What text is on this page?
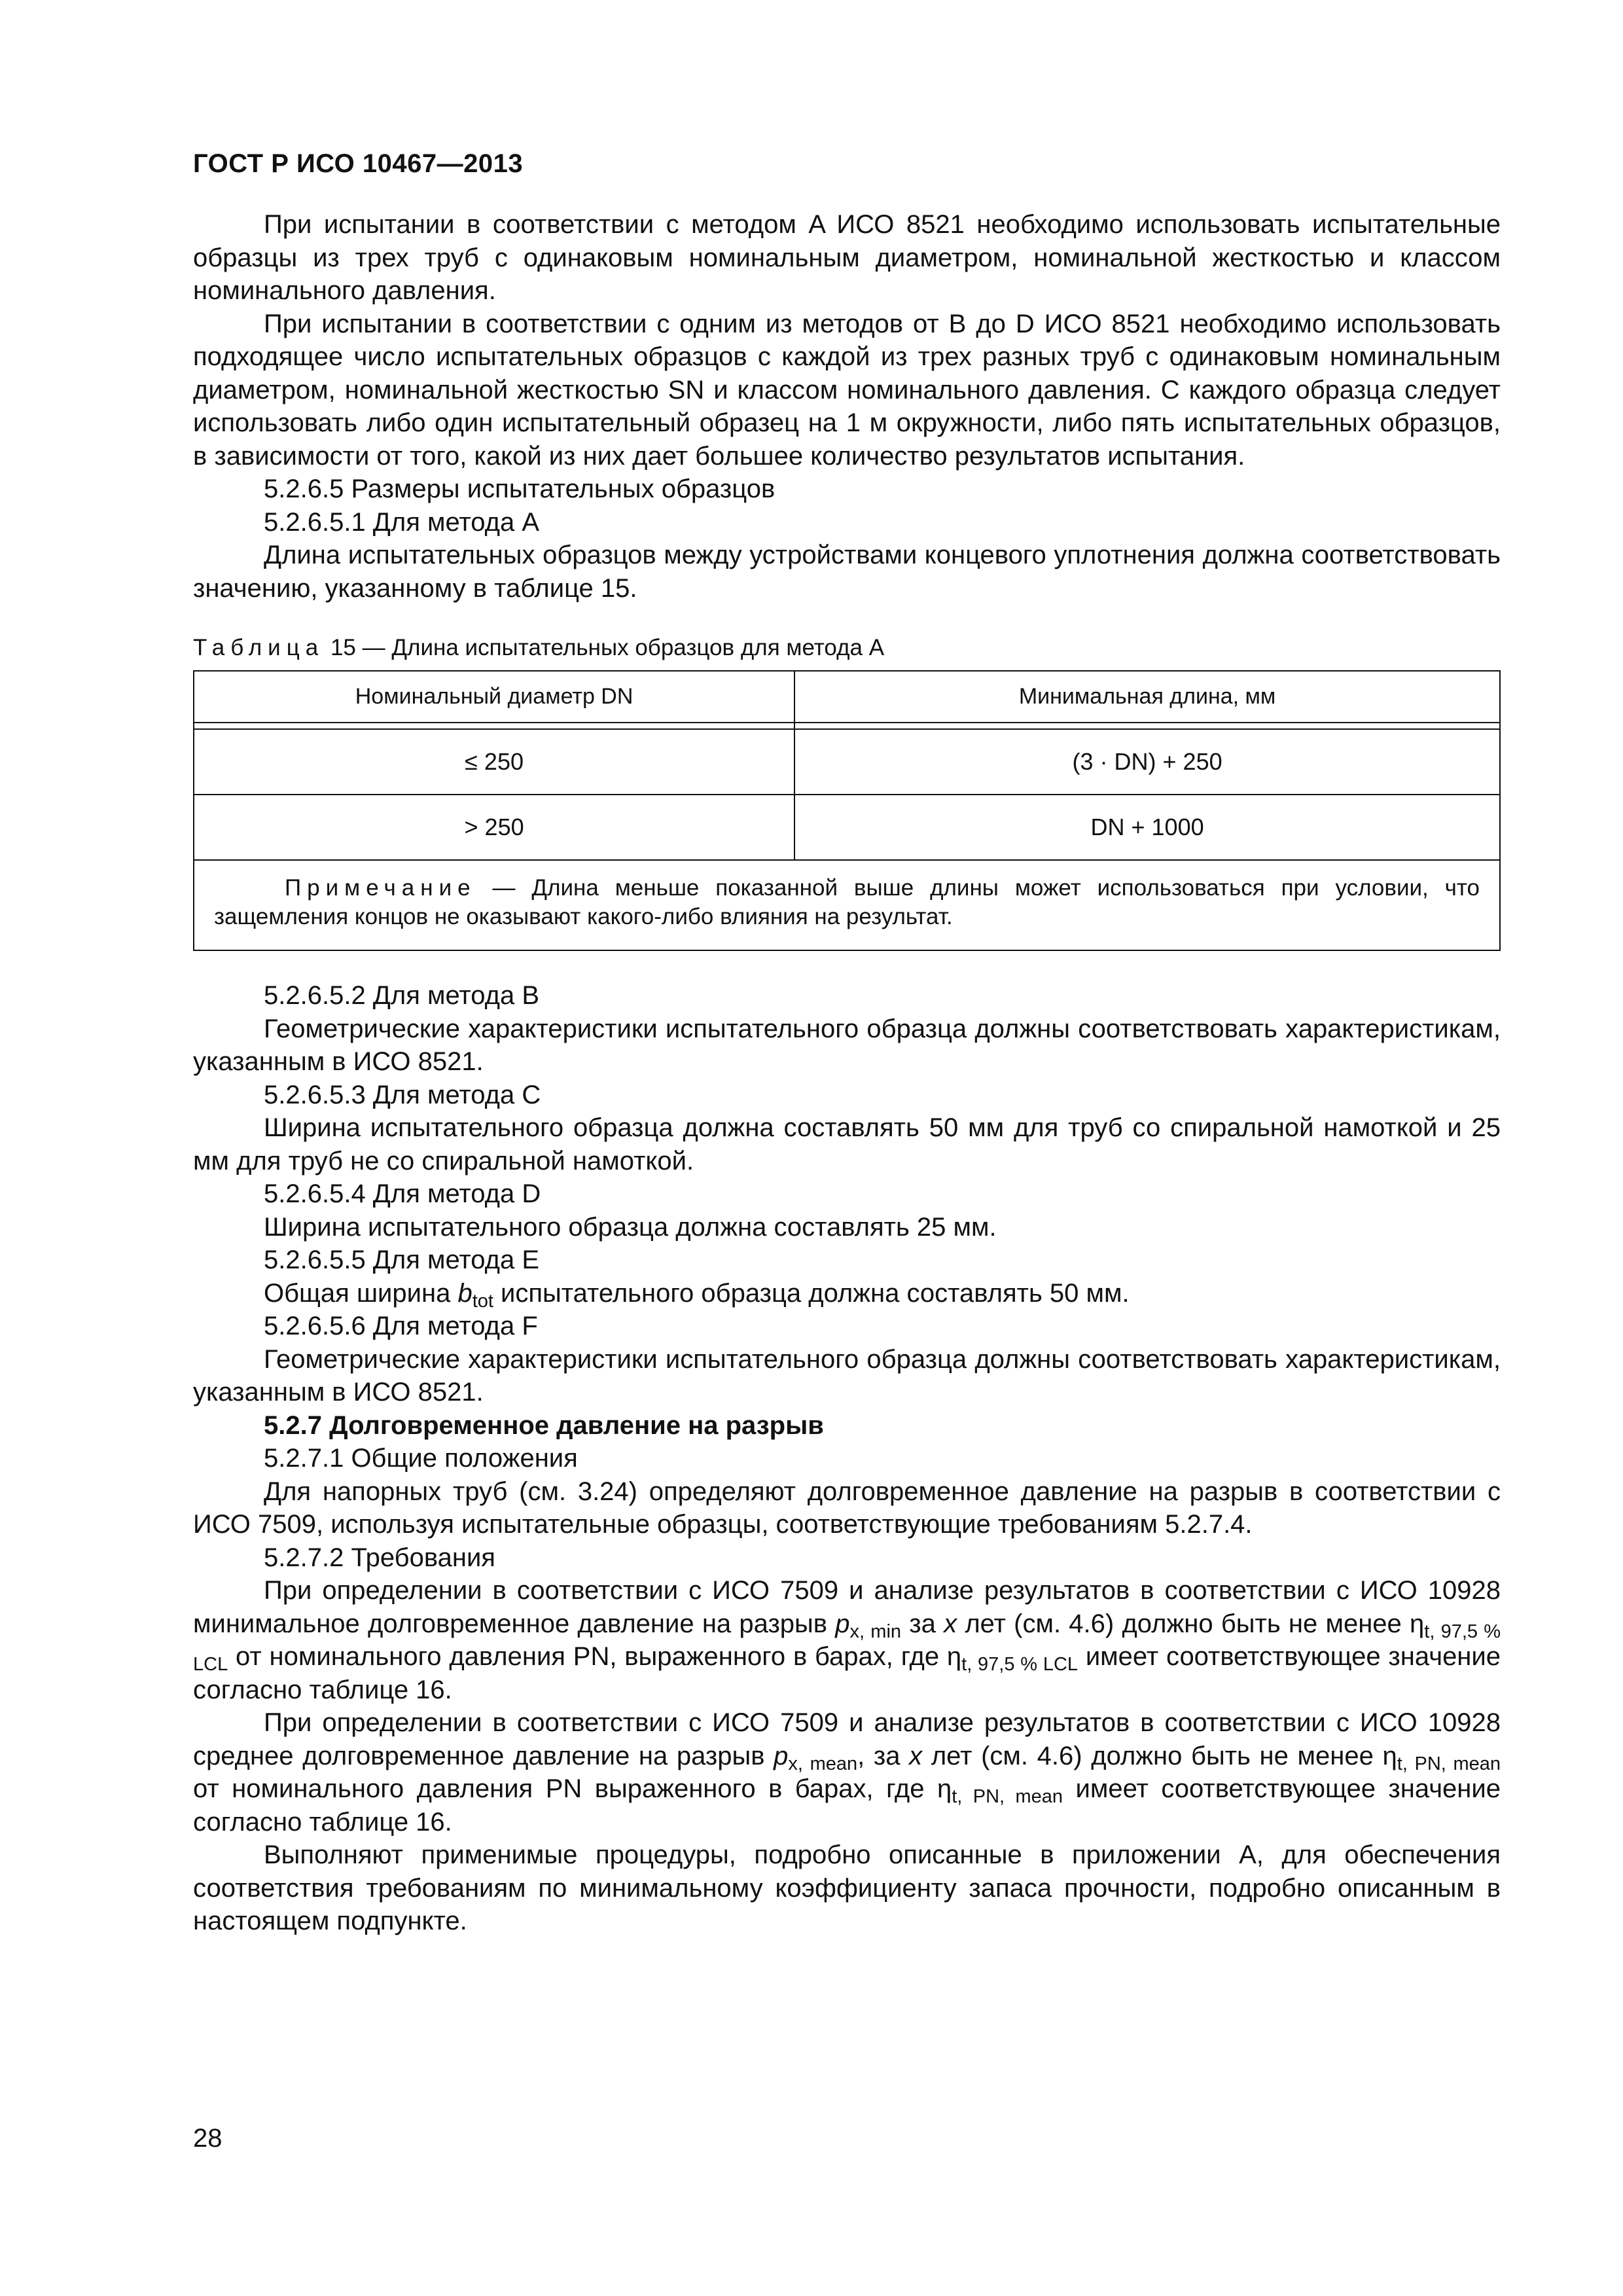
ГОСТ Р ИСО 10467—2013

При испытании в соответствии с методом A ИСО 8521 необходимо использовать испытательные образцы из трех труб с одинаковым номинальным диаметром, номинальной жесткостью и классом номинального давления.

При испытании в соответствии с одним из методов от B до D ИСО 8521 необходимо использовать подходящее число испытательных образцов с каждой из трех разных труб с одинаковым номинальным диаметром, номинальной жесткостью SN и классом номинального давления. С каждого образца следует использовать либо один испытательный образец на 1 м окружности, либо пять испытательных образцов, в зависимости от того, какой из них дает большее количество результатов испытания.

5.2.6.5 Размеры испытательных образцов

5.2.6.5.1 Для метода A

Длина испытательных образцов между устройствами концевого уплотнения должна соответствовать значению, указанному в таблице 15.

Таблица 15 — Длина испытательных образцов для метода A
Номинальный диаметр DN	Минимальная длина, мм

≤ 250	(3 · DN) + 250
> 250	DN + 1000
Примечание — Длина меньше показанной выше длины может использоваться при условии, что защемления концов не оказывают какого-либо влияния на результат.	

5.2.6.5.2 Для метода B

Геометрические характеристики испытательного образца должны соответствовать характеристикам, указанным в ИСО 8521.

5.2.6.5.3 Для метода C

Ширина испытательного образца должна составлять 50 мм для труб со спиральной намоткой и 25 мм для труб не со спиральной намоткой.

5.2.6.5.4 Для метода D

Ширина испытательного образца должна составлять 25 мм.

5.2.6.5.5 Для метода E

Общая ширина $b_{tot}$ испытательного образца должна составлять 50 мм.

5.2.6.5.6 Для метода F

Геометрические характеристики испытательного образца должны соответствовать характеристикам, указанным в ИСО 8521.

5.2.7 Долговременное давление на разрыв

5.2.7.1 Общие положения

Для напорных труб (см. 3.24) определяют долговременное давление на разрыв в соответствии с ИСО 7509, используя испытательные образцы, соответствующие требованиям 5.2.7.4.

5.2.7.2 Требования

При определении в соответствии с ИСО 7509 и анализе результатов в соответствии с ИСО 10928 минимальное долговременное давление на разрыв $p_{x, min}$ за x лет (см. 4.6) должно быть не менее $\eta_{t, 97,5 \% LCL}$ от номинального давления PN, выраженного в барах, где $\eta_{t, 97,5 \% LCL}$ имеет соответствующее значение согласно таблице 16.

При определении в соответствии с ИСО 7509 и анализе результатов в соответствии с ИСО 10928 среднее долговременное давление на разрыв $p_{x, mean}$, за x лет (см. 4.6) должно быть не менее $\eta_{t, PN, mean}$ от номинального давления PN выраженного в барах, где $\eta_{t, PN, mean}$ имеет соответствующее значение согласно таблице 16.

Выполняют применимые процедуры, подробно описанные в приложении A, для обеспечения соответствия требованиям по минимальному коэффициенту запаса прочности, подробно описанным в настоящем подпункте.

28
